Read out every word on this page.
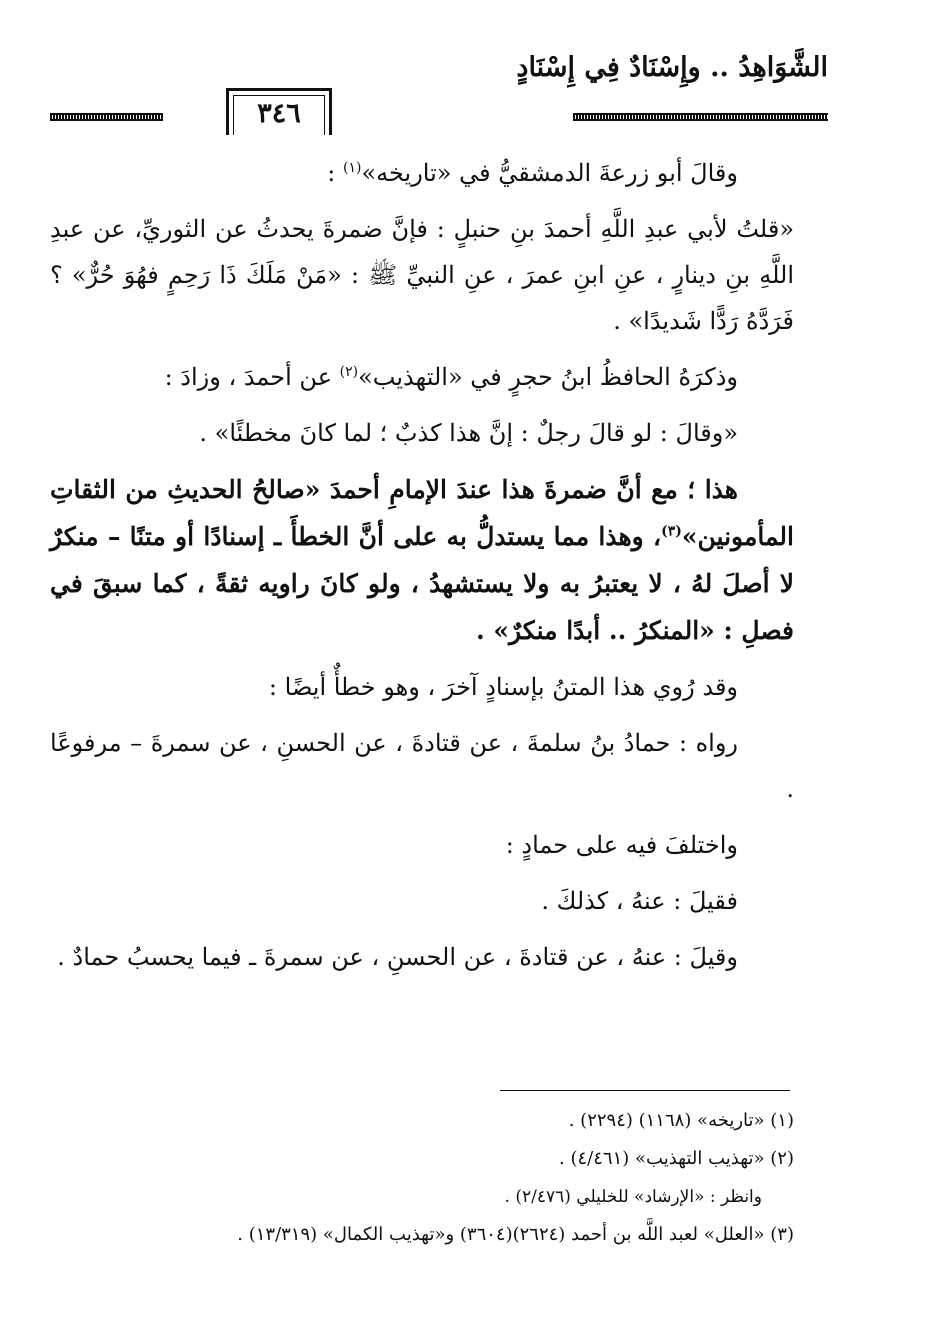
الشَّوَاهِدُ .. وإِسْنَادٌ فِي إِسْنَادٍ
٣٤٦

وقالَ أبو زرعةَ الدمشقيُّ في «تاريخه»$^{(١)}$ :

«قلتُ لأبي عبدِ اللَّهِ أحمدَ بنِ حنبلٍ : فإنَّ ضمرةَ يحدثُ عن الثوريِّ، عن عبدِ اللَّهِ بنِ دينارٍ ، عنِ ابنِ عمرَ ، عنِ النبيِّ ﷺ : «مَنْ مَلَكَ ذَا رَحِمٍ فهُوَ حُرٌّ» ؟ فَرَدَّهُ رَدًّا شَديدًا» .

وذكرَهُ الحافظُ ابنُ حجرٍ في «التهذيب»$^{(٢)}$ عن أحمدَ ، وزادَ :

«وقالَ : لو قالَ رجلٌ : إنَّ هذا كذبٌ ؛ لما كانَ مخطئًا» .

هذا ؛ مع أنَّ ضمرةَ هذا عندَ الإمامِ أحمدَ «صالحُ الحديثِ من الثقاتِ المأمونين»$^{(٣)}$، وهذا مما يستدلُّ به على أنَّ الخطأَ ـ إسنادًا أو متنًا – منكرٌ لا أصلَ لهُ ، لا يعتبرُ به ولا يستشهدُ ، ولو كانَ راويه ثقةً ، كما سبقَ في فصلِ : «المنكرُ .. أبدًا منكرٌ» .

وقد رُوي هذا المتنُ بإسنادٍ آخرَ ، وهو خطأٌ أيضًا :

رواه : حمادُ بنُ سلمةَ ، عن قتادةَ ، عن الحسنِ ، عن سمرةَ – مرفوعًا .

واختلفَ فيه على حمادٍ :

فقيلَ : عنهُ ، كذلكَ .

وقيلَ : عنهُ ، عن قتادةَ ، عن الحسنِ ، عن سمرةَ ـ فيما يحسبُ حمادٌ .

(١) «تاريخه» (١١٦٨) (٢٢٩٤) .
(٢) «تهذيب التهذيب» (٤/٤٦١) .
وانظر : «الإرشاد» للخليلي (٢/٤٧٦) .
(٣) «العلل» لعبد اللَّه بن أحمد (٢٦٢٤)(٣٦٠٤) و«تهذيب الكمال» (١٣/٣١٩) .
